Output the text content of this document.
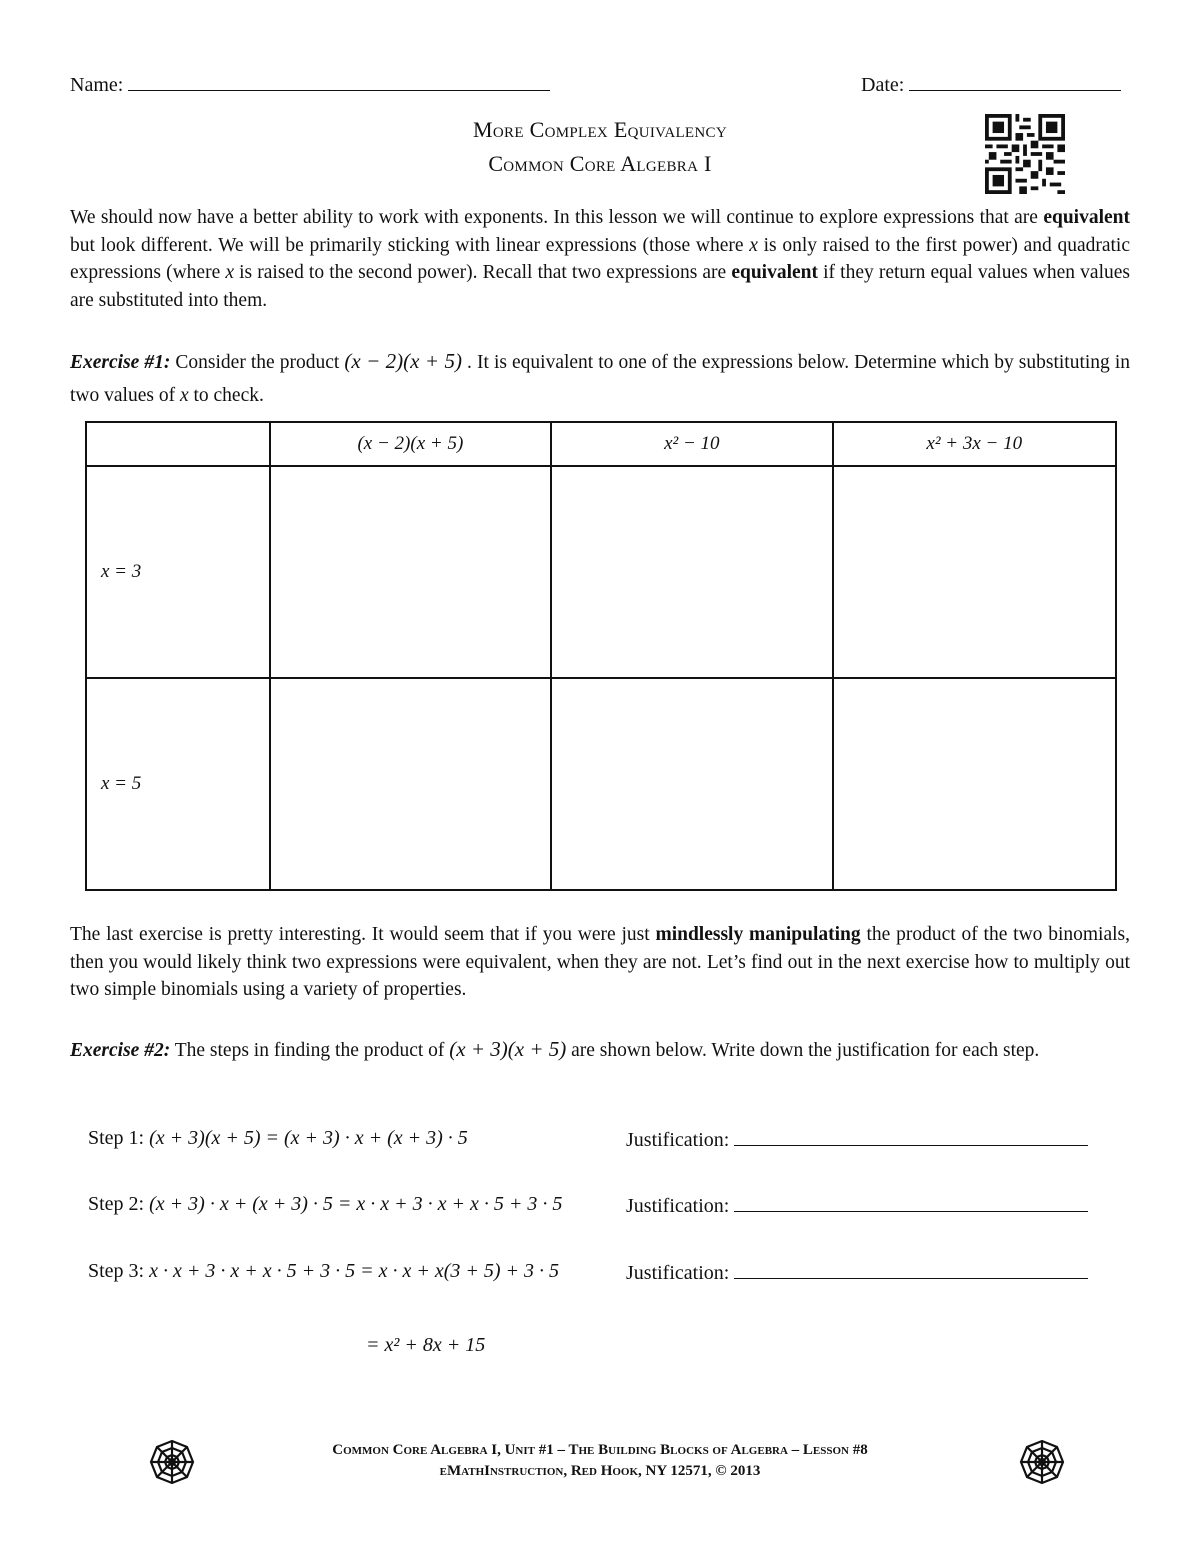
Name:	Date:
More Complex Equivalency
Common Core Algebra I
We should now have a better ability to work with exponents. In this lesson we will continue to explore expressions that are equivalent but look different. We will be primarily sticking with linear expressions (those where x is only raised to the first power) and quadratic expressions (where x is raised to the second power). Recall that two expressions are equivalent if they return equal values when values are substituted into them.
Exercise #1: Consider the product (x − 2)(x + 5) . It is equivalent to one of the expressions below. Determine which by substituting in two values of x to check.
	(x − 2)(x + 5)	x² − 10	x² + 3x − 10
x = 3			
x = 5			
The last exercise is pretty interesting. It would seem that if you were just mindlessly manipulating the product of the two binomials, then you would likely think two expressions were equivalent, when they are not. Let’s find out in the next exercise how to multiply out two simple binomials using a variety of properties.
Exercise #2: The steps in finding the product of (x + 3)(x + 5) are shown below. Write down the justification for each step.
Step 1: (x + 3)(x + 5) = (x + 3) · x + (x + 3) · 5	Justification:
Step 2: (x + 3) · x + (x + 3) · 5 = x · x + 3 · x + x · 5 + 3 · 5	Justification:
Step 3: x · x + 3 · x + x · 5 + 3 · 5 = x · x + x(3 + 5) + 3 · 5	Justification:
= x² + 8x + 15
Common Core Algebra I, Unit #1 – The Building Blocks of Algebra – Lesson #8
eMathInstruction, Red Hook, NY 12571, © 2013
